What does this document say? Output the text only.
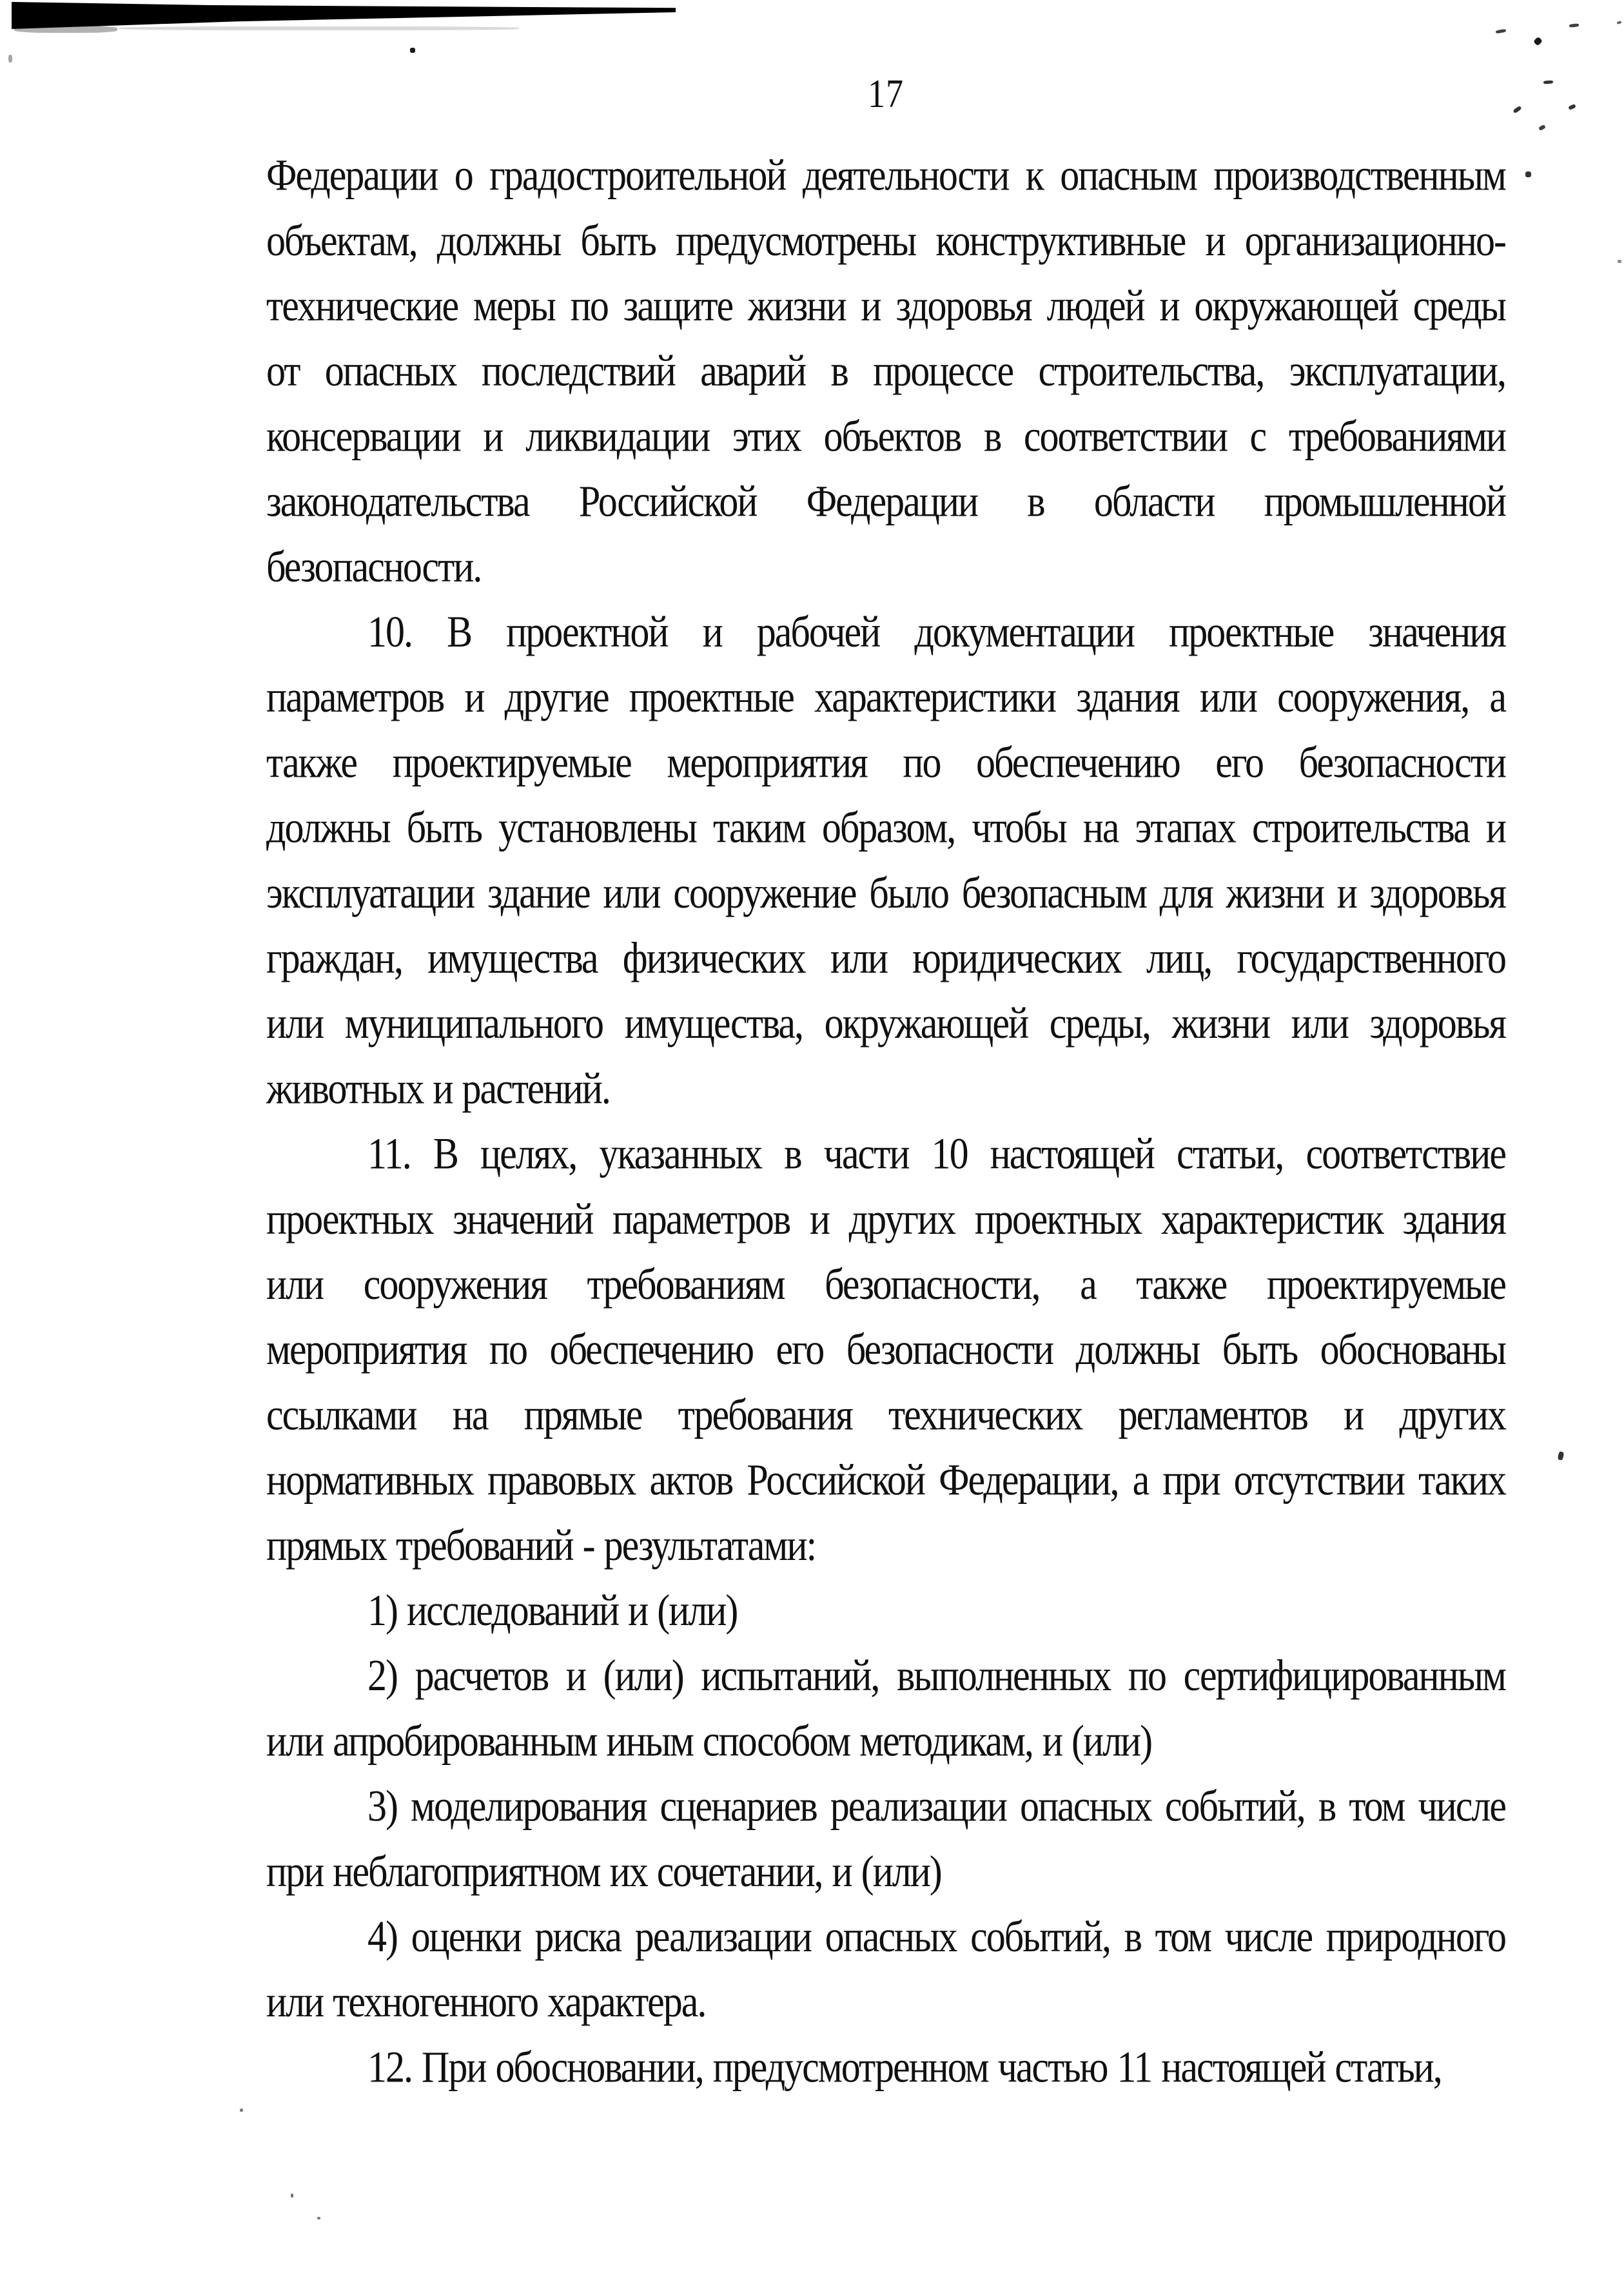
17
Федерации о градостроительной деятельности к опасным производственным
объектам, должны быть предусмотрены конструктивные и организационно-
технические меры по защите жизни и здоровья людей и окружающей среды
от опасных последствий аварий в процессе строительства, эксплуатации,
консервации и ликвидации этих объектов в соответствии с требованиями
законодательства Российской Федерации в области промышленной
безопасности.
10. В проектной и рабочей документации проектные значения
параметров и другие проектные характеристики здания или сооружения, а
также проектируемые мероприятия по обеспечению его безопасности
должны быть установлены таким образом, чтобы на этапах строительства и
эксплуатации здание или сооружение было безопасным для жизни и здоровья
граждан, имущества физических или юридических лиц, государственного
или муниципального имущества, окружающей среды, жизни или здоровья
животных и растений.
11. В целях, указанных в части 10 настоящей статьи, соответствие
проектных значений параметров и других проектных характеристик здания
или сооружения требованиям безопасности, а также проектируемые
мероприятия по обеспечению его безопасности должны быть обоснованы
ссылками на прямые требования технических регламентов и других
нормативных правовых актов Российской Федерации, а при отсутствии таких
прямых требований - результатами:
1) исследований и (или)
2) расчетов и (или) испытаний, выполненных по сертифицированным
или апробированным иным способом методикам, и (или)
3) моделирования сценариев реализации опасных событий, в том числе
при неблагоприятном их сочетании, и (или)
4) оценки риска реализации опасных событий, в том числе природного
или техногенного характера.
12. При обосновании, предусмотренном частью 11 настоящей статьи,
